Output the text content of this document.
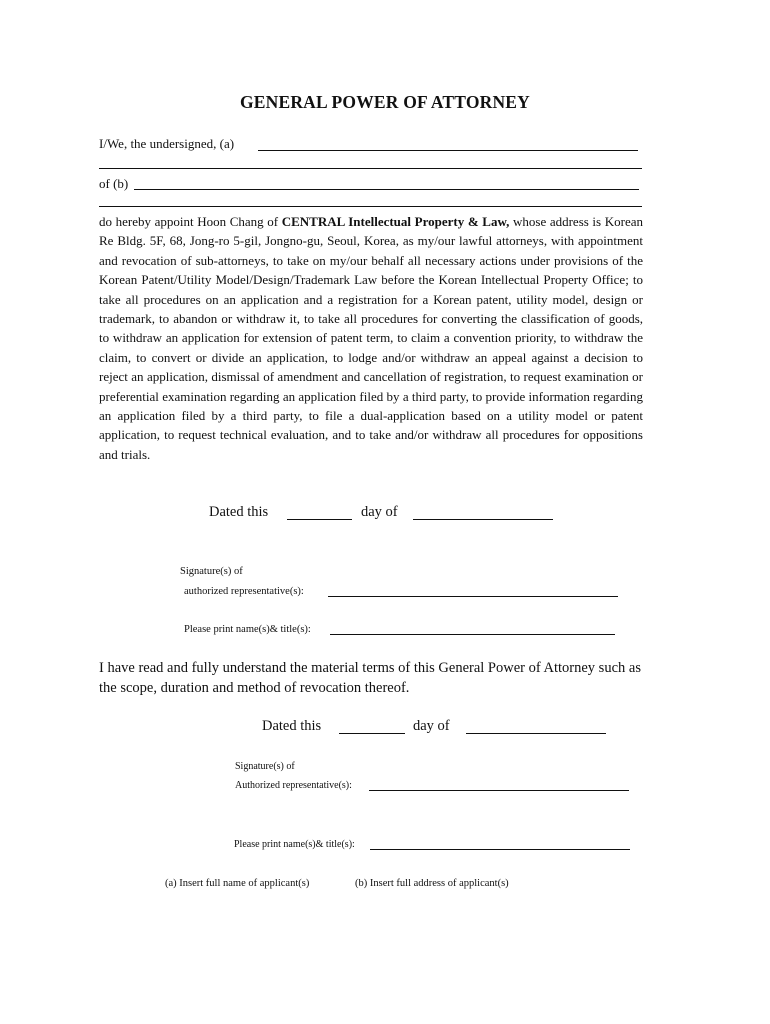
GENERAL POWER OF ATTORNEY
I/We, the undersigned, (a)
of (b)
do hereby appoint Hoon Chang of CENTRAL Intellectual Property & Law, whose address is Korean Re Bldg. 5F, 68, Jong-ro 5-gil, Jongno-gu, Seoul, Korea, as my/our lawful attorneys, with appointment and revocation of sub-attorneys, to take on my/our behalf all necessary actions under provisions of the Korean Patent/Utility Model/Design/Trademark Law before the Korean Intellectual Property Office; to take all procedures on an application and a registration for a Korean patent, utility model, design or trademark, to abandon or withdraw it, to take all procedures for converting the classification of goods, to withdraw an application for extension of patent term, to claim a convention priority, to withdraw the claim, to convert or divide an application, to lodge and/or withdraw an appeal against a decision to reject an application, dismissal of amendment and cancellation of registration, to request examination or preferential examination regarding an application filed by a third party, to provide information regarding an application filed by a third party, to file a dual-application based on a utility model or patent application, to request technical evaluation, and to take and/or withdraw all procedures for oppositions and trials.
Dated this	day of
Signature(s) of
authorized representative(s):
Please print name(s)& title(s):
I have read and fully understand the material terms of this General Power of Attorney such as the scope, duration and method of revocation thereof.
Dated this	day of
Signature(s) of
Authorized representative(s):
Please print name(s)& title(s):
(a) Insert full name of applicant(s)	(b) Insert full address of applicant(s)
